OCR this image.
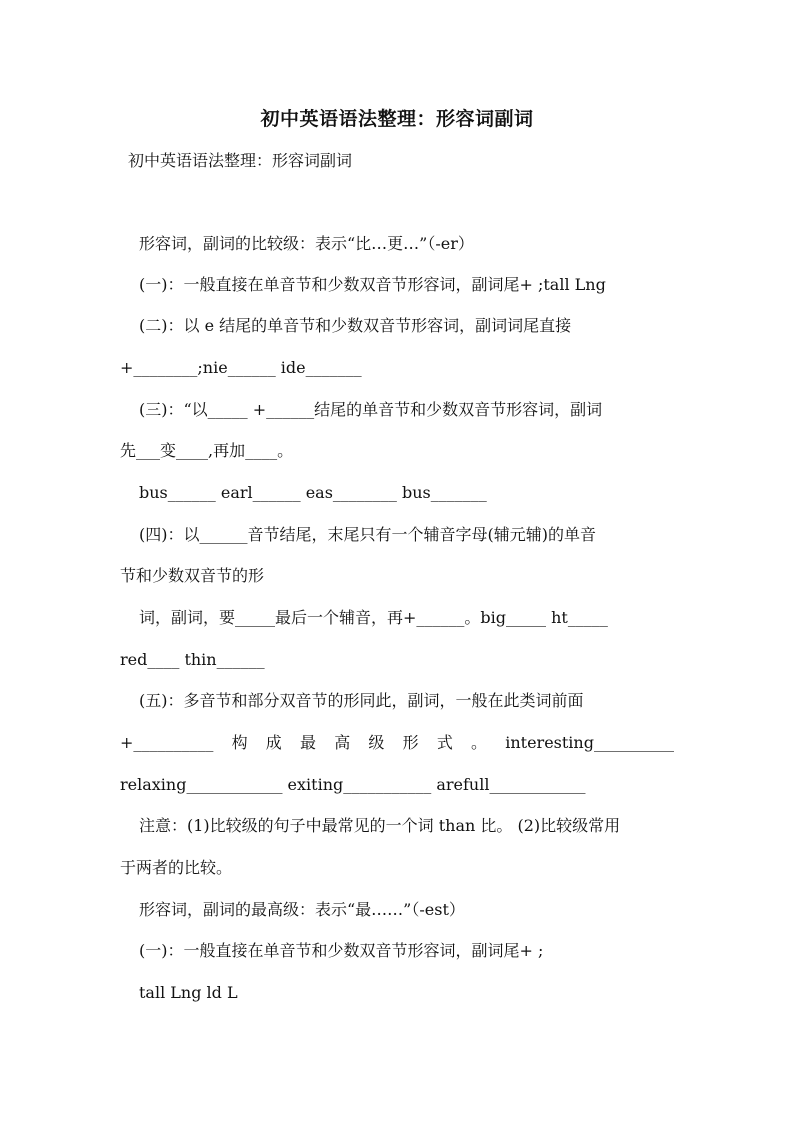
初中英语语法整理：形容词副词
初中英语语法整理：形容词副词
形容词，副词的比较级：表示“比…更…”（-er）
(一)：一般直接在单音节和少数双音节形容词，副词尾+ ;tall Lng
(二)：以 e 结尾的单音节和少数双音节形容词，副词词尾直接
+________;nie______ ide_______
(三)：“以_____ +______结尾的单音节和少数双音节形容词，副词
先___变____,再加____。
bus______ earl______ eas________ bus_______
(四)：以______音节结尾，末尾只有一个辅音字母(辅元辅)的单音
节和少数双音节的形
词，副词，要_____最后一个辅音，再+______。big_____ ht_____
red____ thin______
(五)：多音节和部分双音节的形同此，副词，一般在此类词前面
+__________ 构 成 最 高 级 形 式 。 interesting__________
relaxing____________ exiting___________ arefull____________
注意：(1)比较级的句子中最常见的一个词 than 比。 (2)比较级常用
于两者的比较。
形容词，副词的最高级：表示“最……”（-est）
(一)：一般直接在单音节和少数双音节形容词，副词尾+ ;
tall Lng ld L
